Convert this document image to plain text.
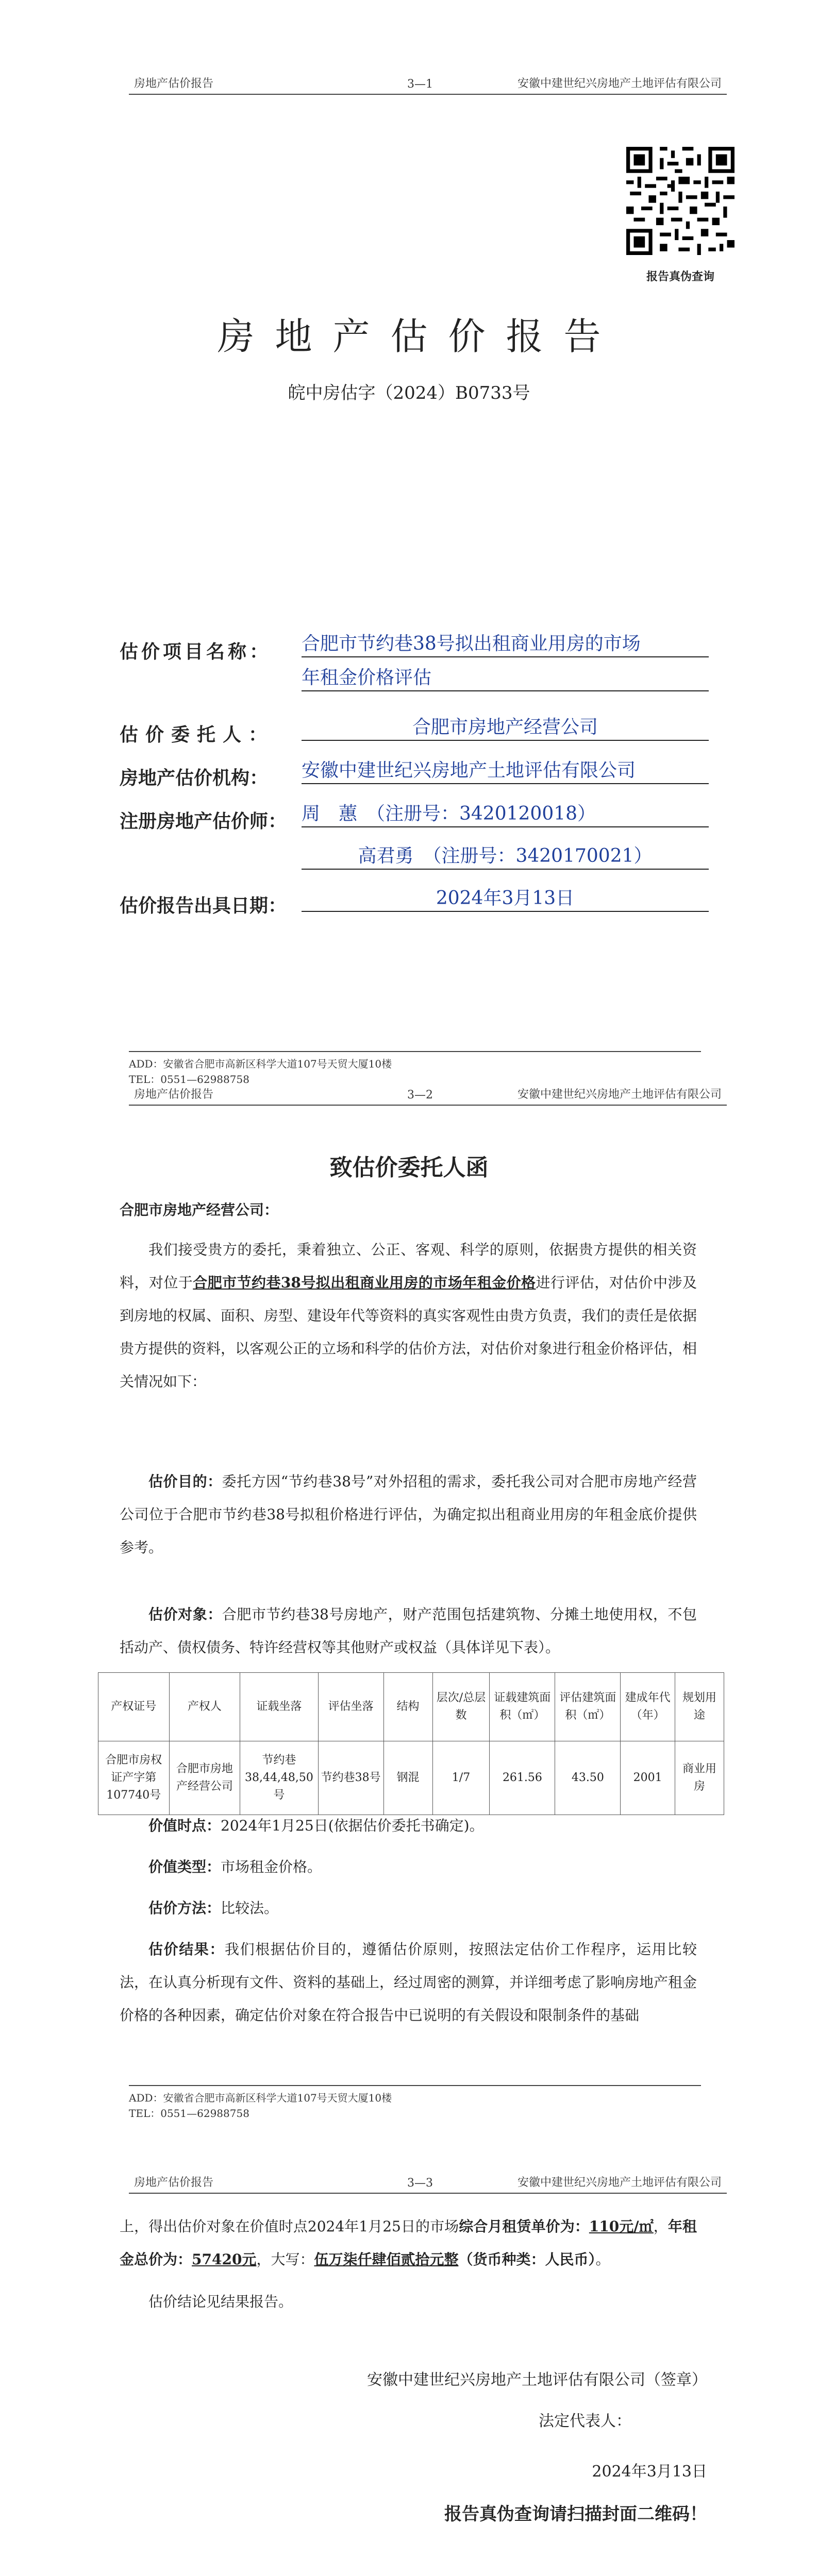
房地产估价报告	3—1	安徽中建世纪兴房地产土地评估有限公司
报告真伪查询
房地产估价报告
皖中房估字（2024）B0733号
估价项目名称： 合肥市节约巷38号拟出租商业用房的市场
年租金价格评估
估价委托人：	合肥市房地产经营公司
房地产估价机构： 安徽中建世纪兴房地产土地评估有限公司
注册房地产估价师： 周　蕙　（注册号：3420120018）
高君勇　（注册号：3420170021）
估价报告出具日期：	2024年3月13日
ADD：安徽省合肥市高新区科学大道107号天贸大厦10楼
TEL：0551—62988758
房地产估价报告	3—2	安徽中建世纪兴房地产土地评估有限公司
致估价委托人函
合肥市房地产经营公司：
我们接受贵方的委托，秉着独立、公正、客观、科学的原则，依据贵方提供的相关资料，对位于合肥市节约巷38号拟出租商业用房的市场年租金价格进行评估，对估价中涉及到房地的权属、面积、房型、建设年代等资料的真实客观性由贵方负责，我们的责任是依据贵方提供的资料，以客观公正的立场和科学的估价方法，对估价对象进行租金价格评估，相关情况如下：
估价目的：委托方因“节约巷38号”对外招租的需求，委托我公司对合肥市房地产经营公司位于合肥市节约巷38号拟租价格进行评估，为确定拟出租商业用房的年租金底价提供参考。
估价对象：合肥市节约巷38号房地产，财产范围包括建筑物、分摊土地使用权，不包括动产、债权债务、特许经营权等其他财产或权益（具体详见下表）。
产权证号	产权人	证载坐落	评估坐落	结构	层次/总层数	证载建筑面积（㎡）	评估建筑面积（㎡）	建成年代（年）	规划用途
合肥市房权证产字第107740号	合肥市房地产经营公司	节约巷38,44,48,50号	节约巷38号	钢混	1/7	261.56	43.50	2001	商业用房
价值时点：2024年1月25日(依据估价委托书确定)。
价值类型：市场租金价格。
估价方法：比较法。
估价结果：我们根据估价目的，遵循估价原则，按照法定估价工作程序，运用比较法，在认真分析现有文件、资料的基础上，经过周密的测算，并详细考虑了影响房地产租金价格的各种因素，确定估价对象在符合报告中已说明的有关假设和限制条件的基础
ADD：安徽省合肥市高新区科学大道107号天贸大厦10楼
TEL：0551—62988758
房地产估价报告	3—3	安徽中建世纪兴房地产土地评估有限公司
上，得出估价对象在价值时点2024年1月25日的市场综合月租赁单价为：110元/㎡，年租金总价为：57420元，大写：伍万柒仟肆佰贰拾元整（货币种类：人民币）。
估价结论见结果报告。
安徽中建世纪兴房地产土地评估有限公司（签章）
法定代表人：
2024年3月13日
报告真伪查询请扫描封面二维码！
